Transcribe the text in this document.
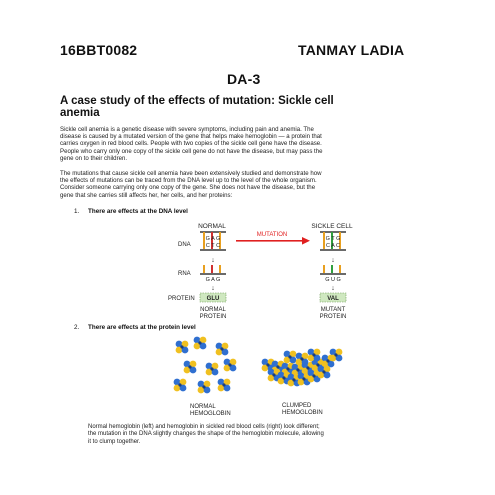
16BBT0082	TANMAY LADIA
DA-3
A case study of the effects of mutation: Sickle cell
anemia
Sickle cell anemia is a genetic disease with severe symptoms, including pain and anemia. The
disease is caused by a mutated version of the gene that helps make hemoglobin — a protein that
carries oxygen in red blood cells. People with two copies of the sickle cell gene have the disease.
People who carry only one copy of the sickle cell gene do not have the disease, but may pass the
gene on to their children.
The mutations that cause sickle cell anemia have been extensively studied and demonstrate how
the effects of mutations can be traced from the DNA level up to the level of the whole organism.
Consider someone carrying only one copy of the gene. She does not have the disease, but the
gene that she carries still affects her, her cells, and her proteins:
1. There are effects at the DNA level
NORMAL	SICKLE CELL
DNA
RNA
PROTEIN
G A G
C T C
MUTATION
G T G
C A C
↓	↓
G A G	G U G
↓	↓
GLU	VAL
NORMAL
PROTEIN
MUTANT
PROTEIN
2. There are effects at the protein level
NORMAL
HEMOGLOBIN
CLUMPED
HEMOGLOBIN
Normal hemoglobin (left) and hemoglobin in sickled red blood cells (right) look different;
the mutation in the DNA slightly changes the shape of the hemoglobin molecule, allowing
it to clump together.
